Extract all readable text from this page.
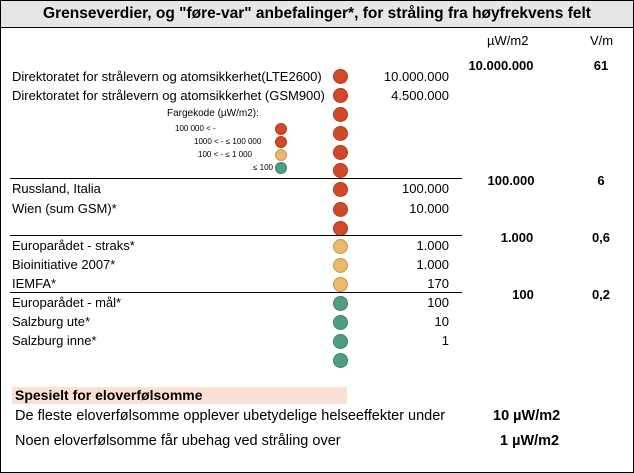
Grenseverdier, og "føre-var" anbefalinger*, for stråling fra høyfrekvens felt
µW/m2	V/m
10.000.000	61
100.000	6
1.000	0,6
100	0,2
Direktoratet for strålevern og atomsikkerhet(LTE2600)	10.000.000
Direktoratet for strålevern og atomsikkerhet (GSM900)	4.500.000
Fargekode (µW/m2):
100 000 < -
1000 < - ≤ 100 000
100 < - ≤ 1 000
≤ 100
Russland, Italia	100.000
Wien (sum GSM)*	10.000
Europarådet - straks*	1.000
Bioinitiative 2007*	1.000
IEMFA*	170
Europarådet - mål*	100
Salzburg ute*	10
Salzburg inne*	1
Spesielt for eloverfølsomme
De fleste eloverfølsomme opplever ubetydelige helseeffekter under	10 µW/m2
Noen eloverfølsomme får ubehag ved stråling over	1 µW/m2
